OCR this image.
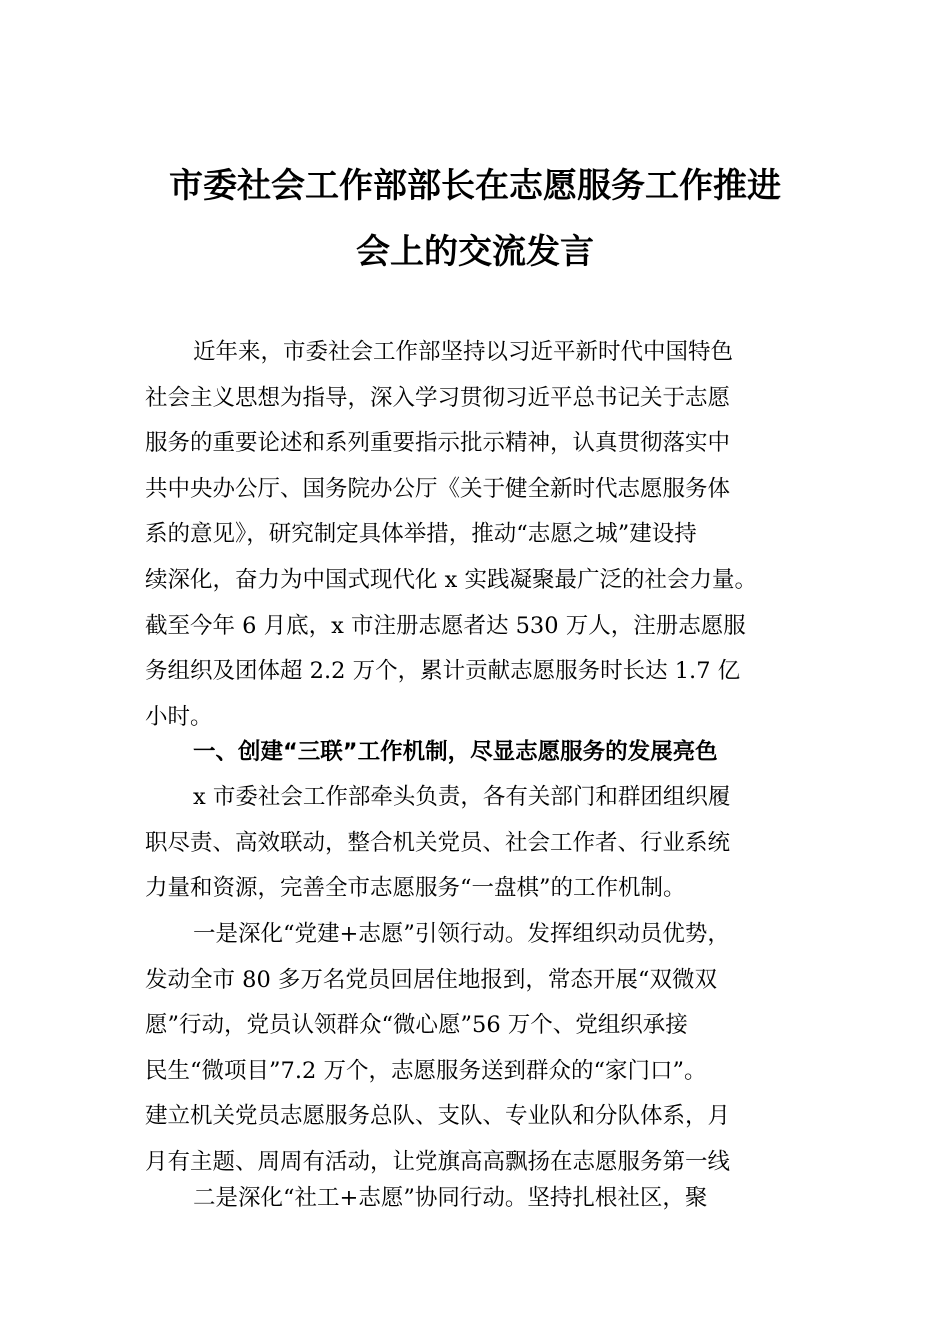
市委社会工作部部长在志愿服务工作推进
会上的交流发言
近年来，市委社会工作部坚持以习近平新时代中国特色
社会主义思想为指导，深入学习贯彻习近平总书记关于志愿
服务的重要论述和系列重要指示批示精神，认真贯彻落实中
共中央办公厅、国务院办公厅《关于健全新时代志愿服务体
系的意见》，研究制定具体举措，推动“志愿之城”建设持
续深化，奋力为中国式现代化 x 实践凝聚最广泛的社会力量。
截至今年 6 月底，x 市注册志愿者达 530 万人，注册志愿服
务组织及团体超 2.2 万个，累计贡献志愿服务时长达 1.7 亿
小时。
一、创建“三联”工作机制，尽显志愿服务的发展亮色
x 市委社会工作部牵头负责，各有关部门和群团组织履
职尽责、高效联动，整合机关党员、社会工作者、行业系统
力量和资源，完善全市志愿服务“一盘棋”的工作机制。
一是深化“党建+志愿”引领行动。发挥组织动员优势，
发动全市 80 多万名党员回居住地报到，常态开展“双微双
愿”行动，党员认领群众“微心愿”56 万个、党组织承接
民生“微项目”7.2 万个，志愿服务送到群众的“家门口”。
建立机关党员志愿服务总队、支队、专业队和分队体系，月
月有主题、周周有活动，让党旗高高飘扬在志愿服务第一线
二是深化“社工+志愿”协同行动。坚持扎根社区，聚
